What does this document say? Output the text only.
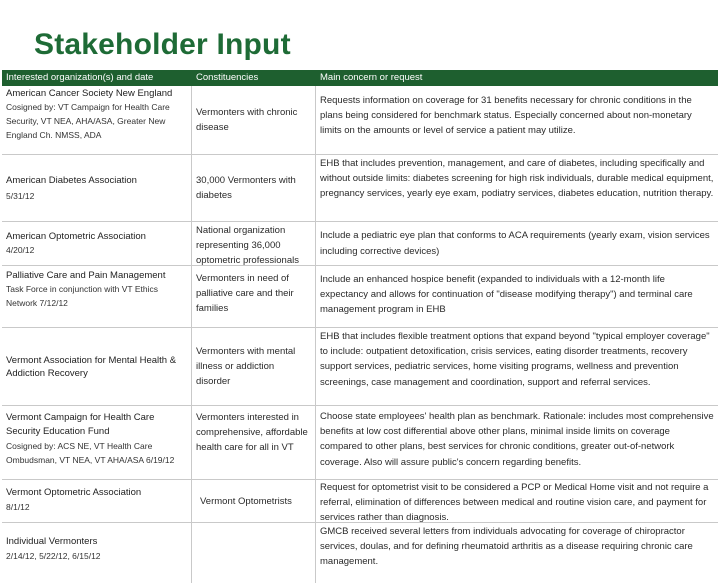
Stakeholder Input
Interested organization(s) and date	Constituencies	Main concern or request
American Cancer Society New England
Cosigned by: VT Campaign for Health Care Security, VT NEA, AHA/ASA, Greater New England Ch. NMSS, ADA
Vermonters with chronic disease
Requests information on coverage for 31 benefits necessary for chronic conditions in the plans being considered for benchmark status. Especially concerned about non-monetary limits on the amounts or level of service a patient may utilize.
American Diabetes Association
5/31/12
30,000 Vermonters with diabetes
EHB that includes prevention, management, and care of diabetes, including specifically and without outside limits: diabetes screening for high risk individuals, durable medical equipment, pregnancy services, yearly eye exam, podiatry services, diabetes education, nutrition therapy.
American Optometric Association
4/20/12
National organization representing 36,000 optometric professionals
Include a pediatric eye plan that conforms to ACA requirements (yearly exam, vision services including corrective devices)
Palliative Care and Pain Management
Task Force in conjunction with VT Ethics Network 7/12/12
Vermonters in need of palliative care and their families
Include an enhanced hospice benefit (expanded to individuals with a 12-month life expectancy and allows for continuation of "disease modifying therapy") and terminal care management program in EHB
Vermont Association for Mental Health & Addiction Recovery
Vermonters with mental illness or addiction disorder
EHB that includes flexible treatment options that expand beyond "typical employer coverage" to include: outpatient detoxification, crisis services, eating disorder treatments, recovery support services, pediatric services, home visiting programs, wellness and prevention screenings, case management and coordination, support and referral services.
Vermont Campaign for Health Care Security Education Fund
Cosigned by: ACS NE, VT Health Care Ombudsman, VT NEA, VT AHA/ASA 6/19/12
Vermonters interested in comprehensive, affordable health care for all in VT
Choose state employees' health plan as benchmark. Rationale: includes most comprehensive benefits at low cost differential above other plans, minimal inside limits on coverage compared to other plans, best services for chronic conditions, greater out-of-network coverage. Also will assure public's concern regarding benefits.
Vermont Optometric Association
8/1/12
Vermont Optometrists
Request for optometrist visit to be considered a PCP or Medical Home visit and not require a referral, elimination of differences between medical and routine vision care, and payment for services rather than diagnosis.
Individual Vermonters
2/14/12, 5/22/12, 6/15/12
GMCB received several letters from individuals advocating for coverage of chiropractor services, doulas, and for defining rheumatoid arthritis as a disease requiring chronic care management.
